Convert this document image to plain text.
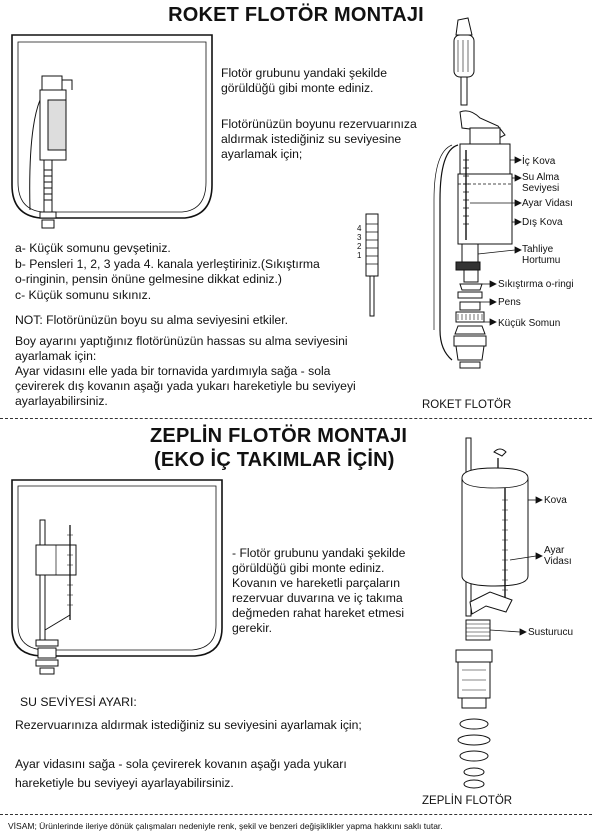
ROKET FLOTÖR MONTAJI
Flotör grubunu yandaki şekilde
görüldüğü gibi monte ediniz.
Flotörünüzün boyunu rezervuarınıza
aldırmak istediğiniz su seviyesine
ayarlamak için;
4
3
2
1
İç Kova
Su Alma
Seviyesi
Ayar Vidası
Dış Kova
Tahliye
Hortumu
Sıkıştırma o-ringi
Pens
Küçük Somun
a- Küçük somunu gevşetiniz.
b- Pensleri 1, 2, 3 yada 4. kanala yerleştiriniz.(Sıkıştırma
o-ringinin, pensin önüne gelmesine dikkat ediniz.)
c- Küçük somunu sıkınız.
NOT: Flotörünüzün boyu su alma seviyesini etkiler.
Boy ayarını yaptığınız flotörünüzün hassas su alma seviyesini
ayarlamak için:
Ayar vidasını elle yada bir tornavida yardımıyla sağa - sola
çevirerek dış kovanın aşağı yada yukarı hareketiyle bu seviyeyi
ayarlayabilirsiniz.	ROKET FLOTÖR
ZEPLİN FLOTÖR MONTAJI
(EKO İÇ TAKIMLAR İÇİN)
- Flotör grubunu yandaki şekilde
görüldüğü gibi monte ediniz.
Kovanın ve hareketli parçaların
rezervuar duvarına ve iç takıma
değmeden rahat hareket etmesi
gerekir.
Kova
Ayar
Vidası
Susturucu
SU SEVİYESİ AYARI:
Rezervuarınıza aldırmak istediğiniz su seviyesini ayarlamak için;
Ayar vidasını sağa - sola çevirerek kovanın aşağı yada yukarı
hareketiyle bu seviyeyi ayarlayabilirsiniz.
ZEPLİN FLOTÖR
VİSAM; Ürünlerinde ileriye dönük çalışmaları nedeniyle renk, şekil ve benzeri değişiklikler yapma hakkını saklı tutar.
